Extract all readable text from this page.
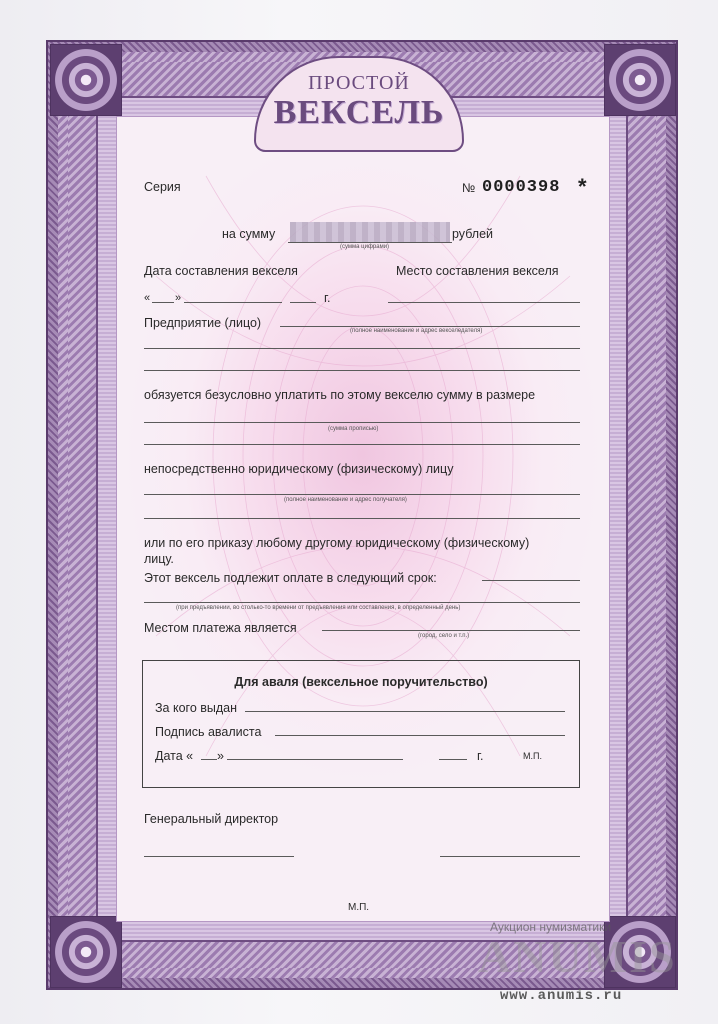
ПРОСТОЙ
ВЕКСЕЛЬ
Серия	№ 0000398 *
на сумму
(сумма цифрами)
рублей
Дата составления векселя	Место составления векселя
« »	г.
Предприятие (лицо)
(полное наименование и адрес векселедателя)
обязуется безусловно уплатить по этому векселю сумму в размере
(сумма прописью)
непосредственно юридическому (физическому) лицу
(полное наименование и адрес получателя)
или по его приказу любому другому юридическому (физическому)
лицу.
Этот вексель подлежит оплате в следующий срок:
(при предъявлении, во столько-то времени от предъявления или составления, в определенный день)
Местом платежа является
(город, село и т.п.)
Для аваля (вексельное поручительство)
За кого выдан
Подпись авалиста
Дата « »	г.	М.П.
Генеральный директор
М.П.
Аукцион нумизматики
ANUMIS
www.anumis.ru
